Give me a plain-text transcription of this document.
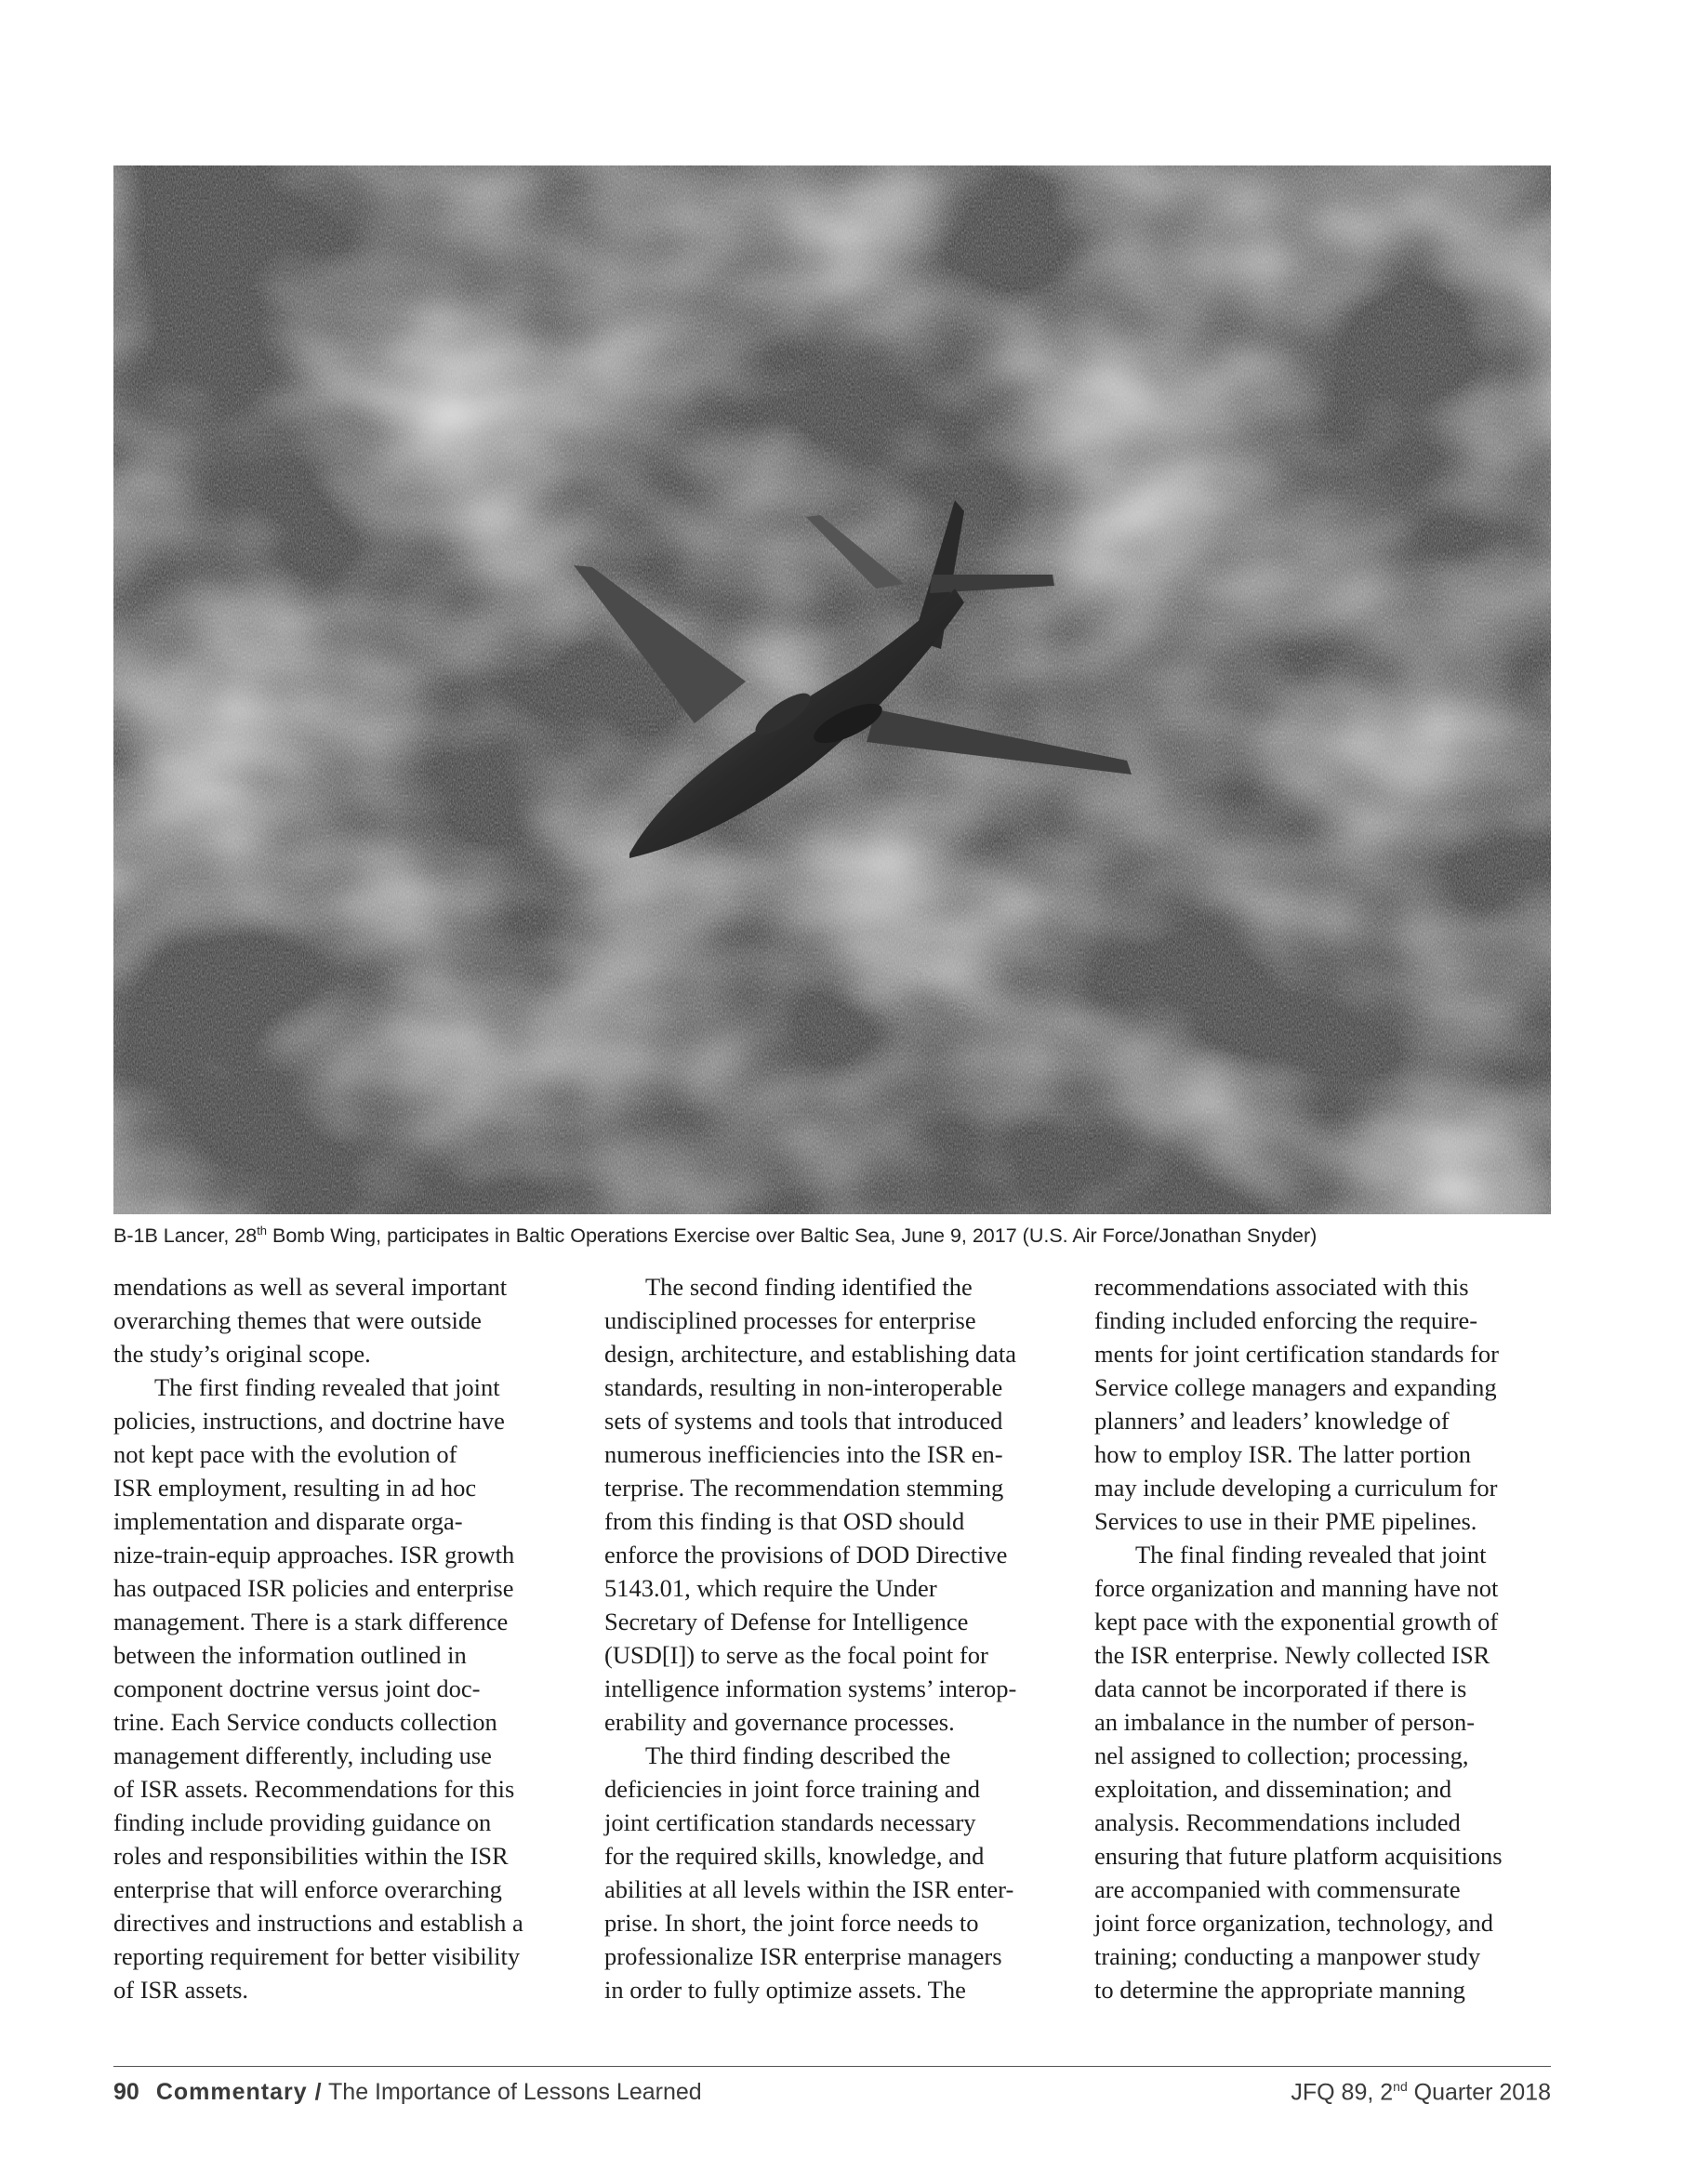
B-1B Lancer, 28th Bomb Wing, participates in Baltic Operations Exercise over Baltic Sea, June 9, 2017 (U.S. Air Force/Jonathan Snyder)

mendations as well as several important
overarching themes that were outside
the study’s original scope.

The first finding revealed that joint
policies, instructions, and doctrine have
not kept pace with the evolution of
ISR employment, resulting in ad hoc
implementation and disparate orga-
nize-train-equip approaches. ISR growth
has outpaced ISR policies and enterprise
management. There is a stark difference
between the information outlined in
component doctrine versus joint doc-
trine. Each Service conducts collection
management differently, including use
of ISR assets. Recommendations for this
finding include providing guidance on
roles and responsibilities within the ISR
enterprise that will enforce overarching
directives and instructions and establish a
reporting requirement for better visibility
of ISR assets.

The second finding identified the
undisciplined processes for enterprise
design, architecture, and establishing data
standards, resulting in non-interoperable
sets of systems and tools that introduced
numerous inefficiencies into the ISR en-
terprise. The recommendation stemming
from this finding is that OSD should
enforce the provisions of DOD Directive
5143.01, which require the Under
Secretary of Defense for Intelligence
(USD[I]) to serve as the focal point for
intelligence information systems’ interop-
erability and governance processes.

The third finding described the
deficiencies in joint force training and
joint certification standards necessary
for the required skills, knowledge, and
abilities at all levels within the ISR enter-
prise. In short, the joint force needs to
professionalize ISR enterprise managers
in order to fully optimize assets. The

recommendations associated with this
finding included enforcing the require-
ments for joint certification standards for
Service college managers and expanding
planners’ and leaders’ knowledge of
how to employ ISR. The latter portion
may include developing a curriculum for
Services to use in their PME pipelines.

The final finding revealed that joint
force organization and manning have not
kept pace with the exponential growth of
the ISR enterprise. Newly collected ISR
data cannot be incorporated if there is
an imbalance in the number of person-
nel assigned to collection; processing,
exploitation, and dissemination; and
analysis. Recommendations included
ensuring that future platform acquisitions
are accompanied with commensurate
joint force organization, technology, and
training; conducting a manpower study
to determine the appropriate manning

90 Commentary / The Importance of Lessons Learned	JFQ 89, 2nd Quarter 2018
